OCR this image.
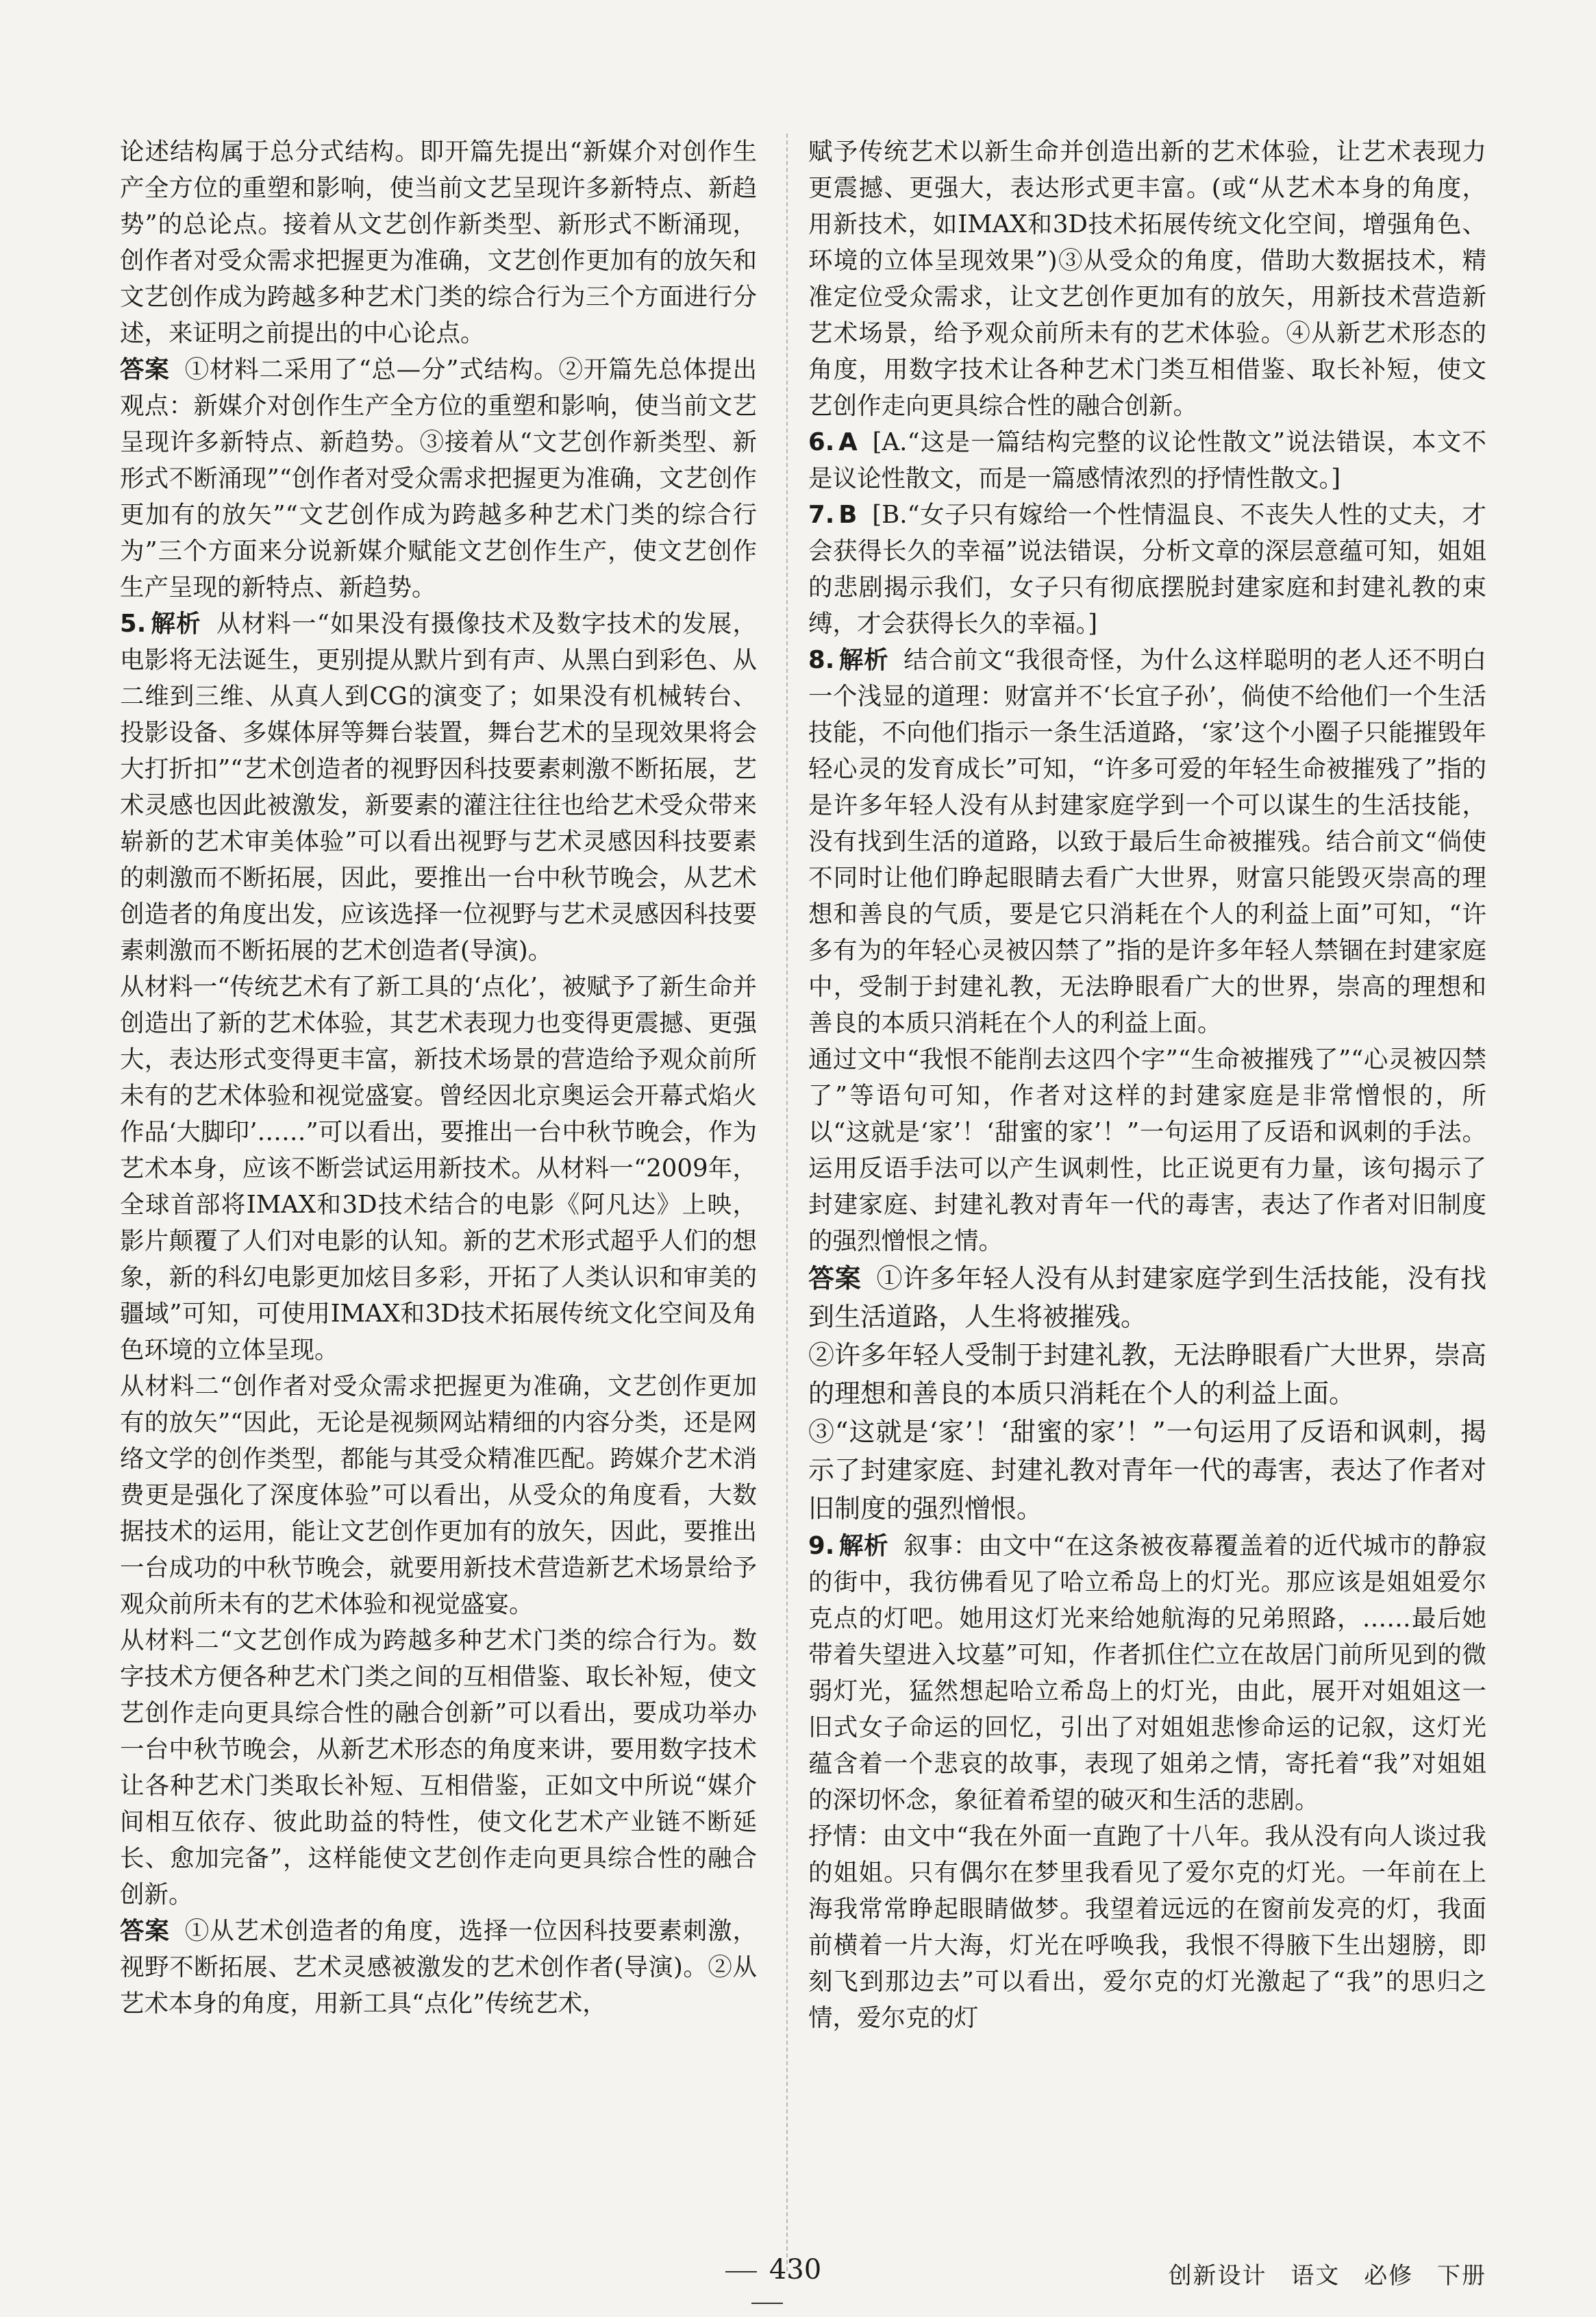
论述结构属于总分式结构。即开篇先提出“新媒介对创作生产全方位的重塑和影响，使当前文艺呈现许多新特点、新趋势”的总论点。接着从文艺创作新类型、新形式不断涌现，创作者对受众需求把握更为准确，文艺创作更加有的放矢和文艺创作成为跨越多种艺术门类的综合行为三个方面进行分述，来证明之前提出的中心论点。

答案 ①材料二采用了“总—分”式结构。②开篇先总体提出观点：新媒介对创作生产全方位的重塑和影响，使当前文艺呈现许多新特点、新趋势。③接着从“文艺创作新类型、新形式不断涌现”“创作者对受众需求把握更为准确，文艺创作更加有的放矢”“文艺创作成为跨越多种艺术门类的综合行为”三个方面来分说新媒介赋能文艺创作生产，使文艺创作生产呈现的新特点、新趋势。

5. 解析 从材料一“如果没有摄像技术及数字技术的发展，电影将无法诞生，更别提从默片到有声、从黑白到彩色、从二维到三维、从真人到CG的演变了；如果没有机械转台、投影设备、多媒体屏等舞台装置，舞台艺术的呈现效果将会大打折扣”“艺术创造者的视野因科技要素刺激不断拓展，艺术灵感也因此被激发，新要素的灌注往往也给艺术受众带来崭新的艺术审美体验”可以看出视野与艺术灵感因科技要素的刺激而不断拓展，因此，要推出一台中秋节晚会，从艺术创造者的角度出发，应该选择一位视野与艺术灵感因科技要素刺激而不断拓展的艺术创造者(导演)。

从材料一“传统艺术有了新工具的‘点化’，被赋予了新生命并创造出了新的艺术体验，其艺术表现力也变得更震撼、更强大，表达形式变得更丰富，新技术场景的营造给予观众前所未有的艺术体验和视觉盛宴。曾经因北京奥运会开幕式焰火作品‘大脚印’……”可以看出，要推出一台中秋节晚会，作为艺术本身，应该不断尝试运用新技术。从材料一“2009年，全球首部将IMAX和3D技术结合的电影《阿凡达》上映，影片颠覆了人们对电影的认知。新的艺术形式超乎人们的想象，新的科幻电影更加炫目多彩，开拓了人类认识和审美的疆域”可知，可使用IMAX和3D技术拓展传统文化空间及角色环境的立体呈现。

从材料二“创作者对受众需求把握更为准确，文艺创作更加有的放矢”“因此，无论是视频网站精细的内容分类，还是网络文学的创作类型，都能与其受众精准匹配。跨媒介艺术消费更是强化了深度体验”可以看出，从受众的角度看，大数据技术的运用，能让文艺创作更加有的放矢，因此，要推出一台成功的中秋节晚会，就要用新技术营造新艺术场景给予观众前所未有的艺术体验和视觉盛宴。

从材料二“文艺创作成为跨越多种艺术门类的综合行为。数字技术方便各种艺术门类之间的互相借鉴、取长补短，使文艺创作走向更具综合性的融合创新”可以看出，要成功举办一台中秋节晚会，从新艺术形态的角度来讲，要用数字技术让各种艺术门类取长补短、互相借鉴，正如文中所说“媒介间相互依存、彼此助益的特性，使文化艺术产业链不断延长、愈加完备”，这样能使文艺创作走向更具综合性的融合创新。

答案 ①从艺术创造者的角度，选择一位因科技要素刺激，视野不断拓展、艺术灵感被激发的艺术创作者(导演)。②从艺术本身的角度，用新工具“点化”传统艺术，

赋予传统艺术以新生命并创造出新的艺术体验，让艺术表现力更震撼、更强大，表达形式更丰富。(或“从艺术本身的角度，用新技术，如IMAX和3D技术拓展传统文化空间，增强角色、环境的立体呈现效果”)③从受众的角度，借助大数据技术，精准定位受众需求，让文艺创作更加有的放矢，用新技术营造新艺术场景，给予观众前所未有的艺术体验。④从新艺术形态的角度，用数字技术让各种艺术门类互相借鉴、取长补短，使文艺创作走向更具综合性的融合创新。

6. A [A.“这是一篇结构完整的议论性散文”说法错误，本文不是议论性散文，而是一篇感情浓烈的抒情性散文。]

7. B [B.“女子只有嫁给一个性情温良、不丧失人性的丈夫，才会获得长久的幸福”说法错误，分析文章的深层意蕴可知，姐姐的悲剧揭示我们，女子只有彻底摆脱封建家庭和封建礼教的束缚，才会获得长久的幸福。]

8. 解析 结合前文“我很奇怪，为什么这样聪明的老人还不明白一个浅显的道理：财富并不‘长宜子孙’，倘使不给他们一个生活技能，不向他们指示一条生活道路，‘家’这个小圈子只能摧毁年轻心灵的发育成长”可知，“许多可爱的年轻生命被摧残了”指的是许多年轻人没有从封建家庭学到一个可以谋生的生活技能，没有找到生活的道路，以致于最后生命被摧残。结合前文“倘使不同时让他们睁起眼睛去看广大世界，财富只能毁灭崇高的理想和善良的气质，要是它只消耗在个人的利益上面”可知，“许多有为的年轻心灵被囚禁了”指的是许多年轻人禁锢在封建家庭中，受制于封建礼教，无法睁眼看广大的世界，崇高的理想和善良的本质只消耗在个人的利益上面。

通过文中“我恨不能削去这四个字”“生命被摧残了”“心灵被囚禁了”等语句可知，作者对这样的封建家庭是非常憎恨的，所以“这就是‘家’！‘甜蜜的家’！”一句运用了反语和讽刺的手法。运用反语手法可以产生讽刺性，比正说更有力量，该句揭示了封建家庭、封建礼教对青年一代的毒害，表达了作者对旧制度的强烈憎恨之情。

答案 ①许多年轻人没有从封建家庭学到生活技能，没有找到生活道路，人生将被摧残。

②许多年轻人受制于封建礼教，无法睁眼看广大世界，崇高的理想和善良的本质只消耗在个人的利益上面。

③“这就是‘家’！‘甜蜜的家’！”一句运用了反语和讽刺，揭示了封建家庭、封建礼教对青年一代的毒害，表达了作者对旧制度的强烈憎恨。

9. 解析 叙事：由文中“在这条被夜幕覆盖着的近代城市的静寂的街中，我彷佛看见了哈立希岛上的灯光。那应该是姐姐爱尔克点的灯吧。她用这灯光来给她航海的兄弟照路，……最后她带着失望进入坟墓”可知，作者抓住伫立在故居门前所见到的微弱灯光，猛然想起哈立希岛上的灯光，由此，展开对姐姐这一旧式女子命运的回忆，引出了对姐姐悲惨命运的记叙，这灯光蕴含着一个悲哀的故事，表现了姐弟之情，寄托着“我”对姐姐的深切怀念，象征着希望的破灭和生活的悲剧。

抒情：由文中“我在外面一直跑了十八年。我从没有向人谈过我的姐姐。只有偶尔在梦里我看见了爱尔克的灯光。一年前在上海我常常睁起眼睛做梦。我望着远远的在窗前发亮的灯，我面前横着一片大海，灯光在呼唤我，我恨不得腋下生出翅膀，即刻飞到那边去”可以看出，爱尔克的灯光激起了“我”的思归之情，爱尔克的灯

430	创新设计 语文 必修 下册
